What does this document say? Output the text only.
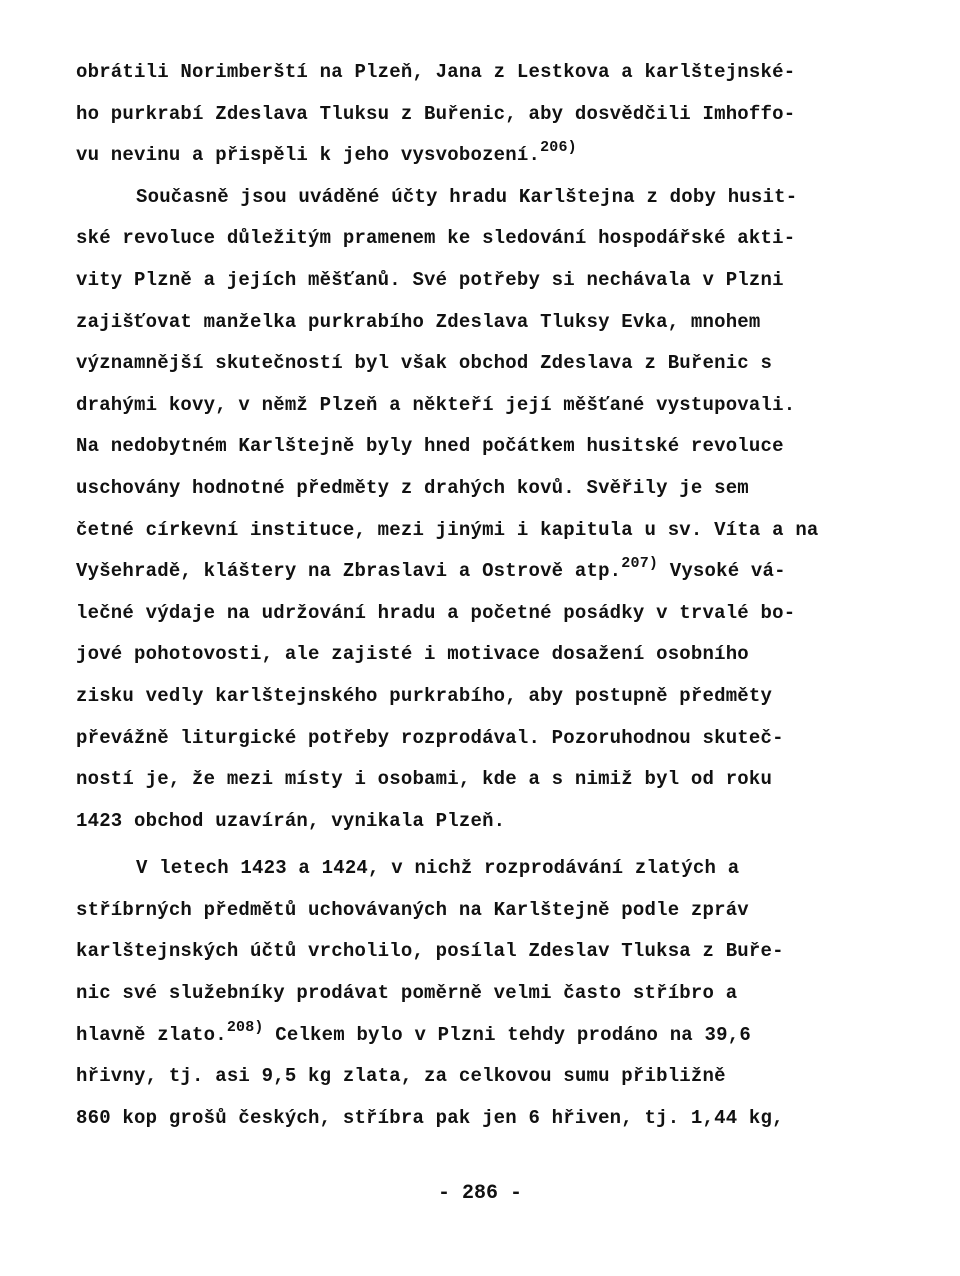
obrátili Norimberští na Plzeň, Jana z Lestkova a karlštejnské-
ho purkrabí Zdeslava Tluksu z Buřenic, aby dosvědčili Imhoffo-
vu nevinu a přispěli k jeho vysvobození.$^{206)}$
Současně jsou uváděné účty hradu Karlštejna z doby husit-
ské revoluce důležitým pramenem ke sledování hospodářské akti-
vity Plzně a jejích měšťanů. Své potřeby si nechávala v Plzni
zajišťovat manželka purkrabího Zdeslava Tluksy Evka, mnohem
významnější skutečností byl však obchod Zdeslava z Buřenic s
drahými kovy, v němž Plzeň a někteří její měšťané vystupovali.
Na nedobytném Karlštejně byly hned počátkem husitské revoluce
uschovány hodnotné předměty z drahých kovů. Svěřily je sem
četné církevní instituce, mezi jinými i kapitula u sv. Víta a na
Vyšehradě, kláštery na Zbraslavi a Ostrově atp.$^{207)}$ Vysoké vá-
lečné výdaje na udržování hradu a početné posádky v trvalé bo-
jové pohotovosti, ale zajisté i motivace dosažení osobního
zisku vedly karlštejnského purkrabího, aby postupně předměty
převážně liturgické potřeby rozprodával. Pozoruhodnou skuteč-
ností je, že mezi místy i osobami, kde a s nimiž byl od roku
1423 obchod uzavírán, vynikala Plzeň.
V letech 1423 a 1424, v nichž rozprodávání zlatých a
stříbrných předmětů uchovávaných na Karlštejně podle zpráv
karlštejnských účtů vrcholilo, posílal Zdeslav Tluksa z Buře-
nic své služebníky prodávat poměrně velmi často stříbro a
hlavně zlato.$^{208)}$ Celkem bylo v Plzni tehdy prodáno na 39,6
hřivny, tj. asi 9,5 kg zlata, za celkovou sumu přibližně
860 kop grošů českých, stříbra pak jen 6 hřiven, tj. 1,44 kg,
- 286 -
